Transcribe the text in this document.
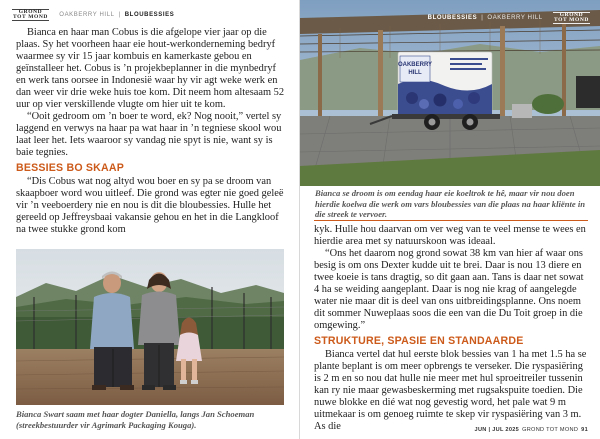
GROND
TOT MOND
OAKBERRY HILL | BLOUBESSIES

Bianca en haar man Cobus is die afgelope vier jaar op die plaas. Sy het voorheen haar eie hout-werkonderneming bedryf waarmee sy vir 15 jaar kombuis en kamerkaste gebou en geïnstalleer het. Cobus is ’n projekbeplanner in die mynbedryf en werk tans oorsee in Indonesië waar hy vir agt weke werk en dan weer vir drie weke huis toe kom. Dit neem hom altesaam 52 uur op vier verskillende vlugte om hier uit te kom.

“Ooit gedroom om ’n boer te word, ek? Nog nooit,” vertel sy laggend en verwys na haar pa wat haar in ’n tegniese skool wou laat leer het. Iets waaroor sy vandag nie spyt is nie, want sy is baie tegnies.

BESSIES BO SKAAP

“Dis Cobus wat nog altyd wou boer en sy pa se droom van skaapboer word wou uitleef. Die grond was egter nie goed geleë vir ’n veeboerdery nie en nou is dit die bloubessies. Hulle het gereeld op Jeffreysbaai vakansie gehou en het in die Langkloof na twee stukke grond kom

Bianca Swart saam met haar dogter Daniella, langs Jan Schoeman (streekbestuurder vir Agrimark Packaging Kouga).
OAKBERRY
HILL
BLOUBESSIES | OAKBERRY HILL
	GROND
TOT MOND
Bianca se droom is om eendag haar eie koeltrok te hê, maar vir nou doen hierdie koelwa die werk om vars bloubessies van die plaas na haar kliënte in die streek te vervoer.

kyk. Hulle hou daarvan om ver weg van te veel mense te wees en hierdie area met sy natuurskoon was ideaal.

“Ons het daarom nog grond sowat 38 km van hier af waar ons besig is om ons Dexter kudde uit te brei. Daar is nou 13 diere en twee koeie is tans dragtig, so dit gaan aan. Tans is daar net sowat 4 ha se weiding aangeplant. Daar is nog nie krag of aangelegde water nie maar dit is deel van ons uitbreidingsplanne. Ons noem dit sommer Nuweplaas soos die een van die Du Toit groep in die omgewing.”

STRUKTURE, SPASIE EN STANDAARDE

Bianca vertel dat hul eerste blok bessies van 1 ha met 1.5 ha se plante beplant is om meer opbrengs te verseker. Die ryspasiëring is 2 m en so nou dat hulle nie meer met hul sproeitreiler tussenin kan ry nie maar gewasbeskerming met rugsakspuite toedien. Die nuwe blokke en dié wat nog gevestig word, het pale wat 9 m uitmekaar is om genoeg ruimte te skep vir ryspasiëring van 3 m. As die	JUN | JUL 2025 GROND TOT MOND 91
